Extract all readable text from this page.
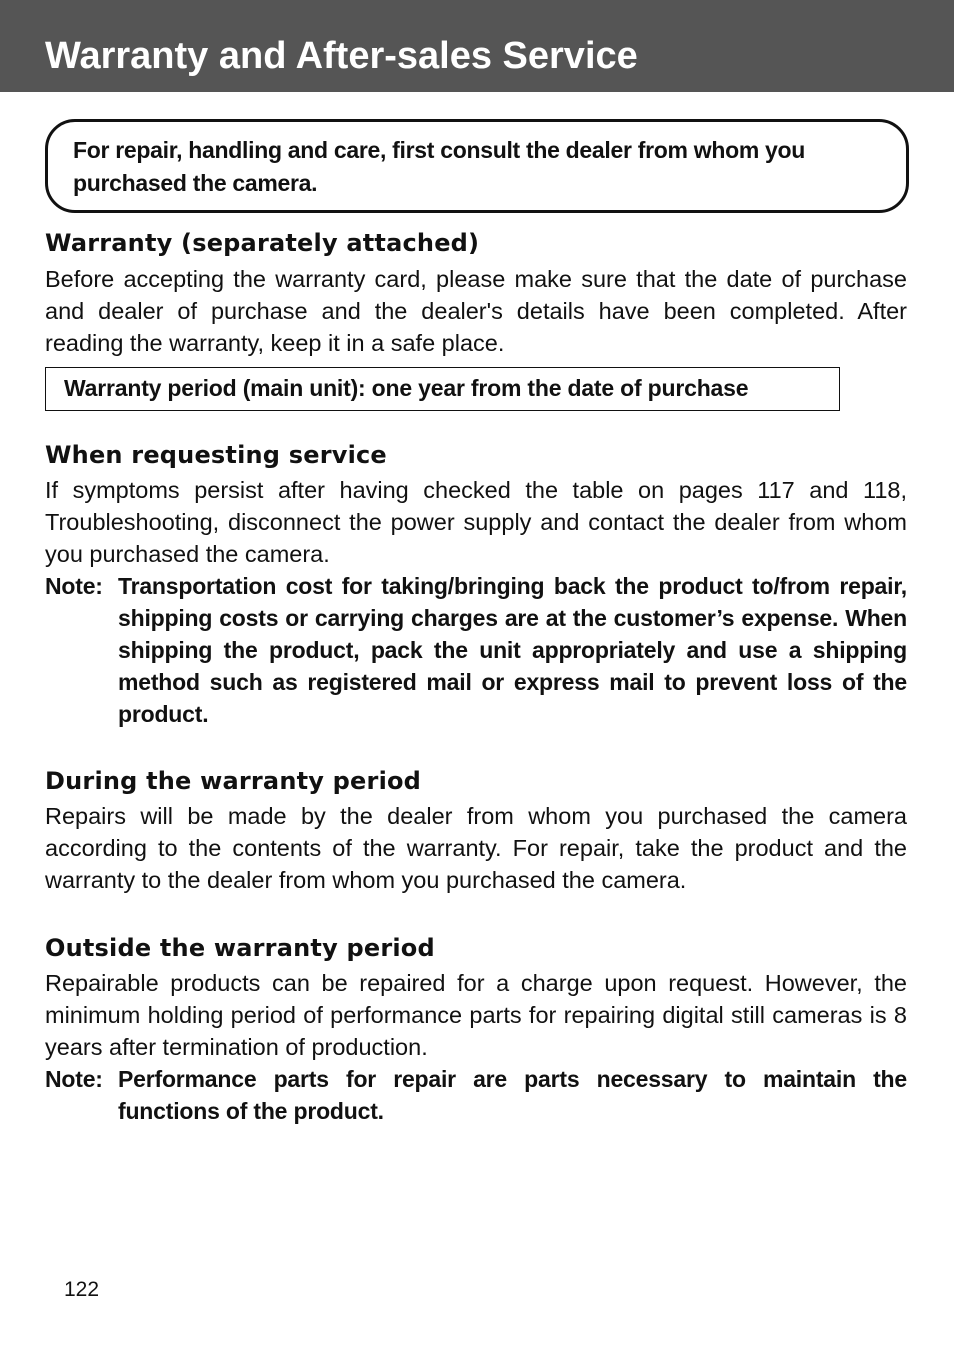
Warranty and After-sales Service

For repair, handling and care, first consult the dealer from whom you purchased the camera.

Warranty (separately attached)

Before accepting the warranty card, please make sure that the date of purchase and dealer of purchase and the dealer's details have been completed. After reading the warranty, keep it in a safe place.

Warranty period (main unit): one year from the date of purchase
When requesting service

If symptoms persist after having checked the table on pages 117 and 118, Troubleshooting, disconnect the power supply and contact the dealer from whom you purchased the camera.

Note: Transportation cost for taking/bringing back the product to/from repair, shipping costs or carrying charges are at the customer’s expense. When shipping the product, pack the unit appropriately and use a shipping method such as registered mail or express mail to prevent loss of the product.
During the warranty period

Repairs will be made by the dealer from whom you purchased the camera according to the contents of the warranty. For repair, take the product and the warranty to the dealer from whom you purchased the camera.

Outside the warranty period

Repairable products can be repaired for a charge upon request. However, the minimum holding period of performance parts for repairing digital still cameras is 8 years after termination of production.

Note: Performance parts for repair are parts necessary to maintain the functions of the product.
122
